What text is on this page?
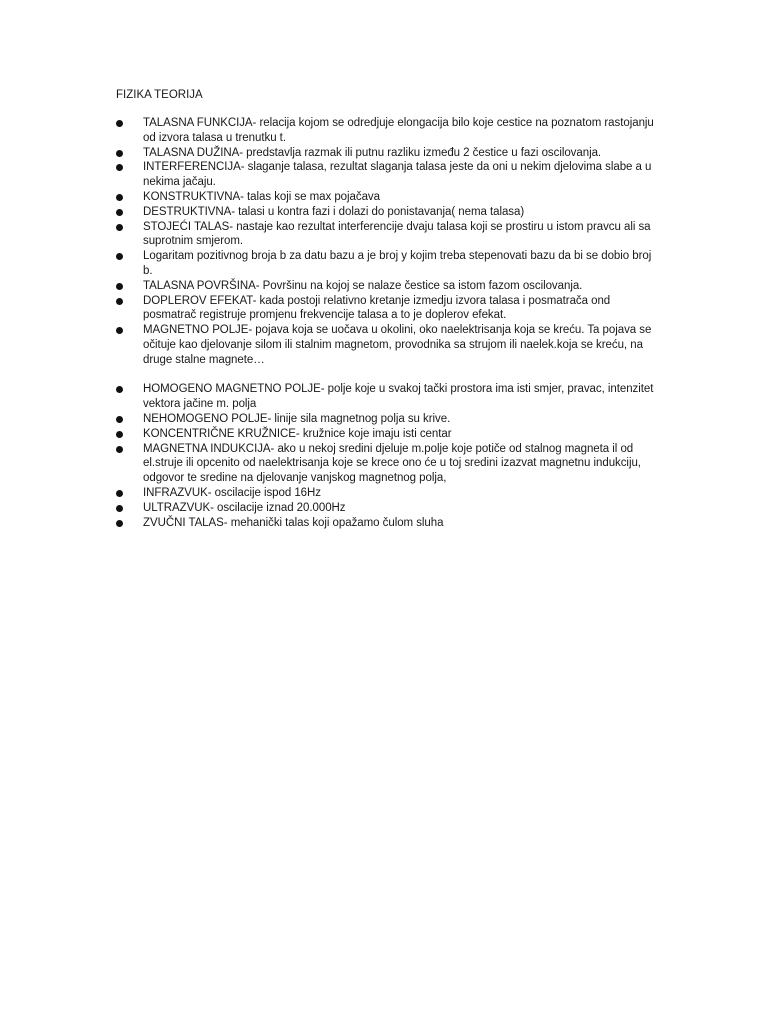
FIZIKA TEORIJA
TALASNA FUNKCIJA- relacija kojom se odredjuje elongacija bilo koje cestice na poznatom rastojanju od izvora talasa u trenutku t.
TALASNA DUŽINA- predstavlja razmak ili putnu razliku između 2 čestice u fazi oscilovanja.
INTERFERENCIJA- slaganje talasa, rezultat slaganja talasa jeste da oni u nekim djelovima slabe a u nekima jačaju.
KONSTRUKTIVNA- talas koji se max pojačava
DESTRUKTIVNA- talasi u kontra fazi i dolazi do ponistavanja( nema talasa)
STOJEĆI TALAS- nastaje kao rezultat interferencije dvaju talasa koji se prostiru u istom pravcu ali sa suprotnim smjerom.
Logaritam pozitivnog broja b za datu bazu a je broj y kojim treba stepenovati bazu da bi se dobio broj b.
TALASNA POVRŠINA- Površinu na kojoj se nalaze čestice sa istom fazom oscilovanja.
DOPLEROV EFEKAT- kada postoji relativno kretanje izmedju izvora talasa i posmatrača ond posmatrač registruje promjenu frekvencije talasa a to je doplerov efekat.
MAGNETNO POLJE- pojava koja se uočava u okolini, oko naelektrisanja koja se kreću. Ta pojava se očituje kao djelovanje silom ili stalnim magnetom, provodnika sa strujom ili naelek.koja se kreću, na druge stalne magnete…
HOMOGENO MAGNETNO POLJE- polje koje u svakoj tački prostora ima isti smjer, pravac, intenzitet vektora jačine m. polja
NEHOMOGENO POLJE- linije sila magnetnog polja su krive.
KONCENTRIČNE KRUŽNICE- kružnice koje imaju isti centar
MAGNETNA INDUKCIJA- ako u nekoj sredini djeluje m.polje koje potiče od stalnog magneta il od el.struje ili opcenito od naelektrisanja koje se krece ono će u toj sredini izazvat magnetnu indukciju, odgovor te sredine na djelovanje vanjskog magnetnog polja,
INFRAZVUK- oscilacije ispod 16Hz
ULTRAZVUK- oscilacije iznad 20.000Hz
ZVUČNI TALAS- mehanički talas koji opažamo čulom sluha
